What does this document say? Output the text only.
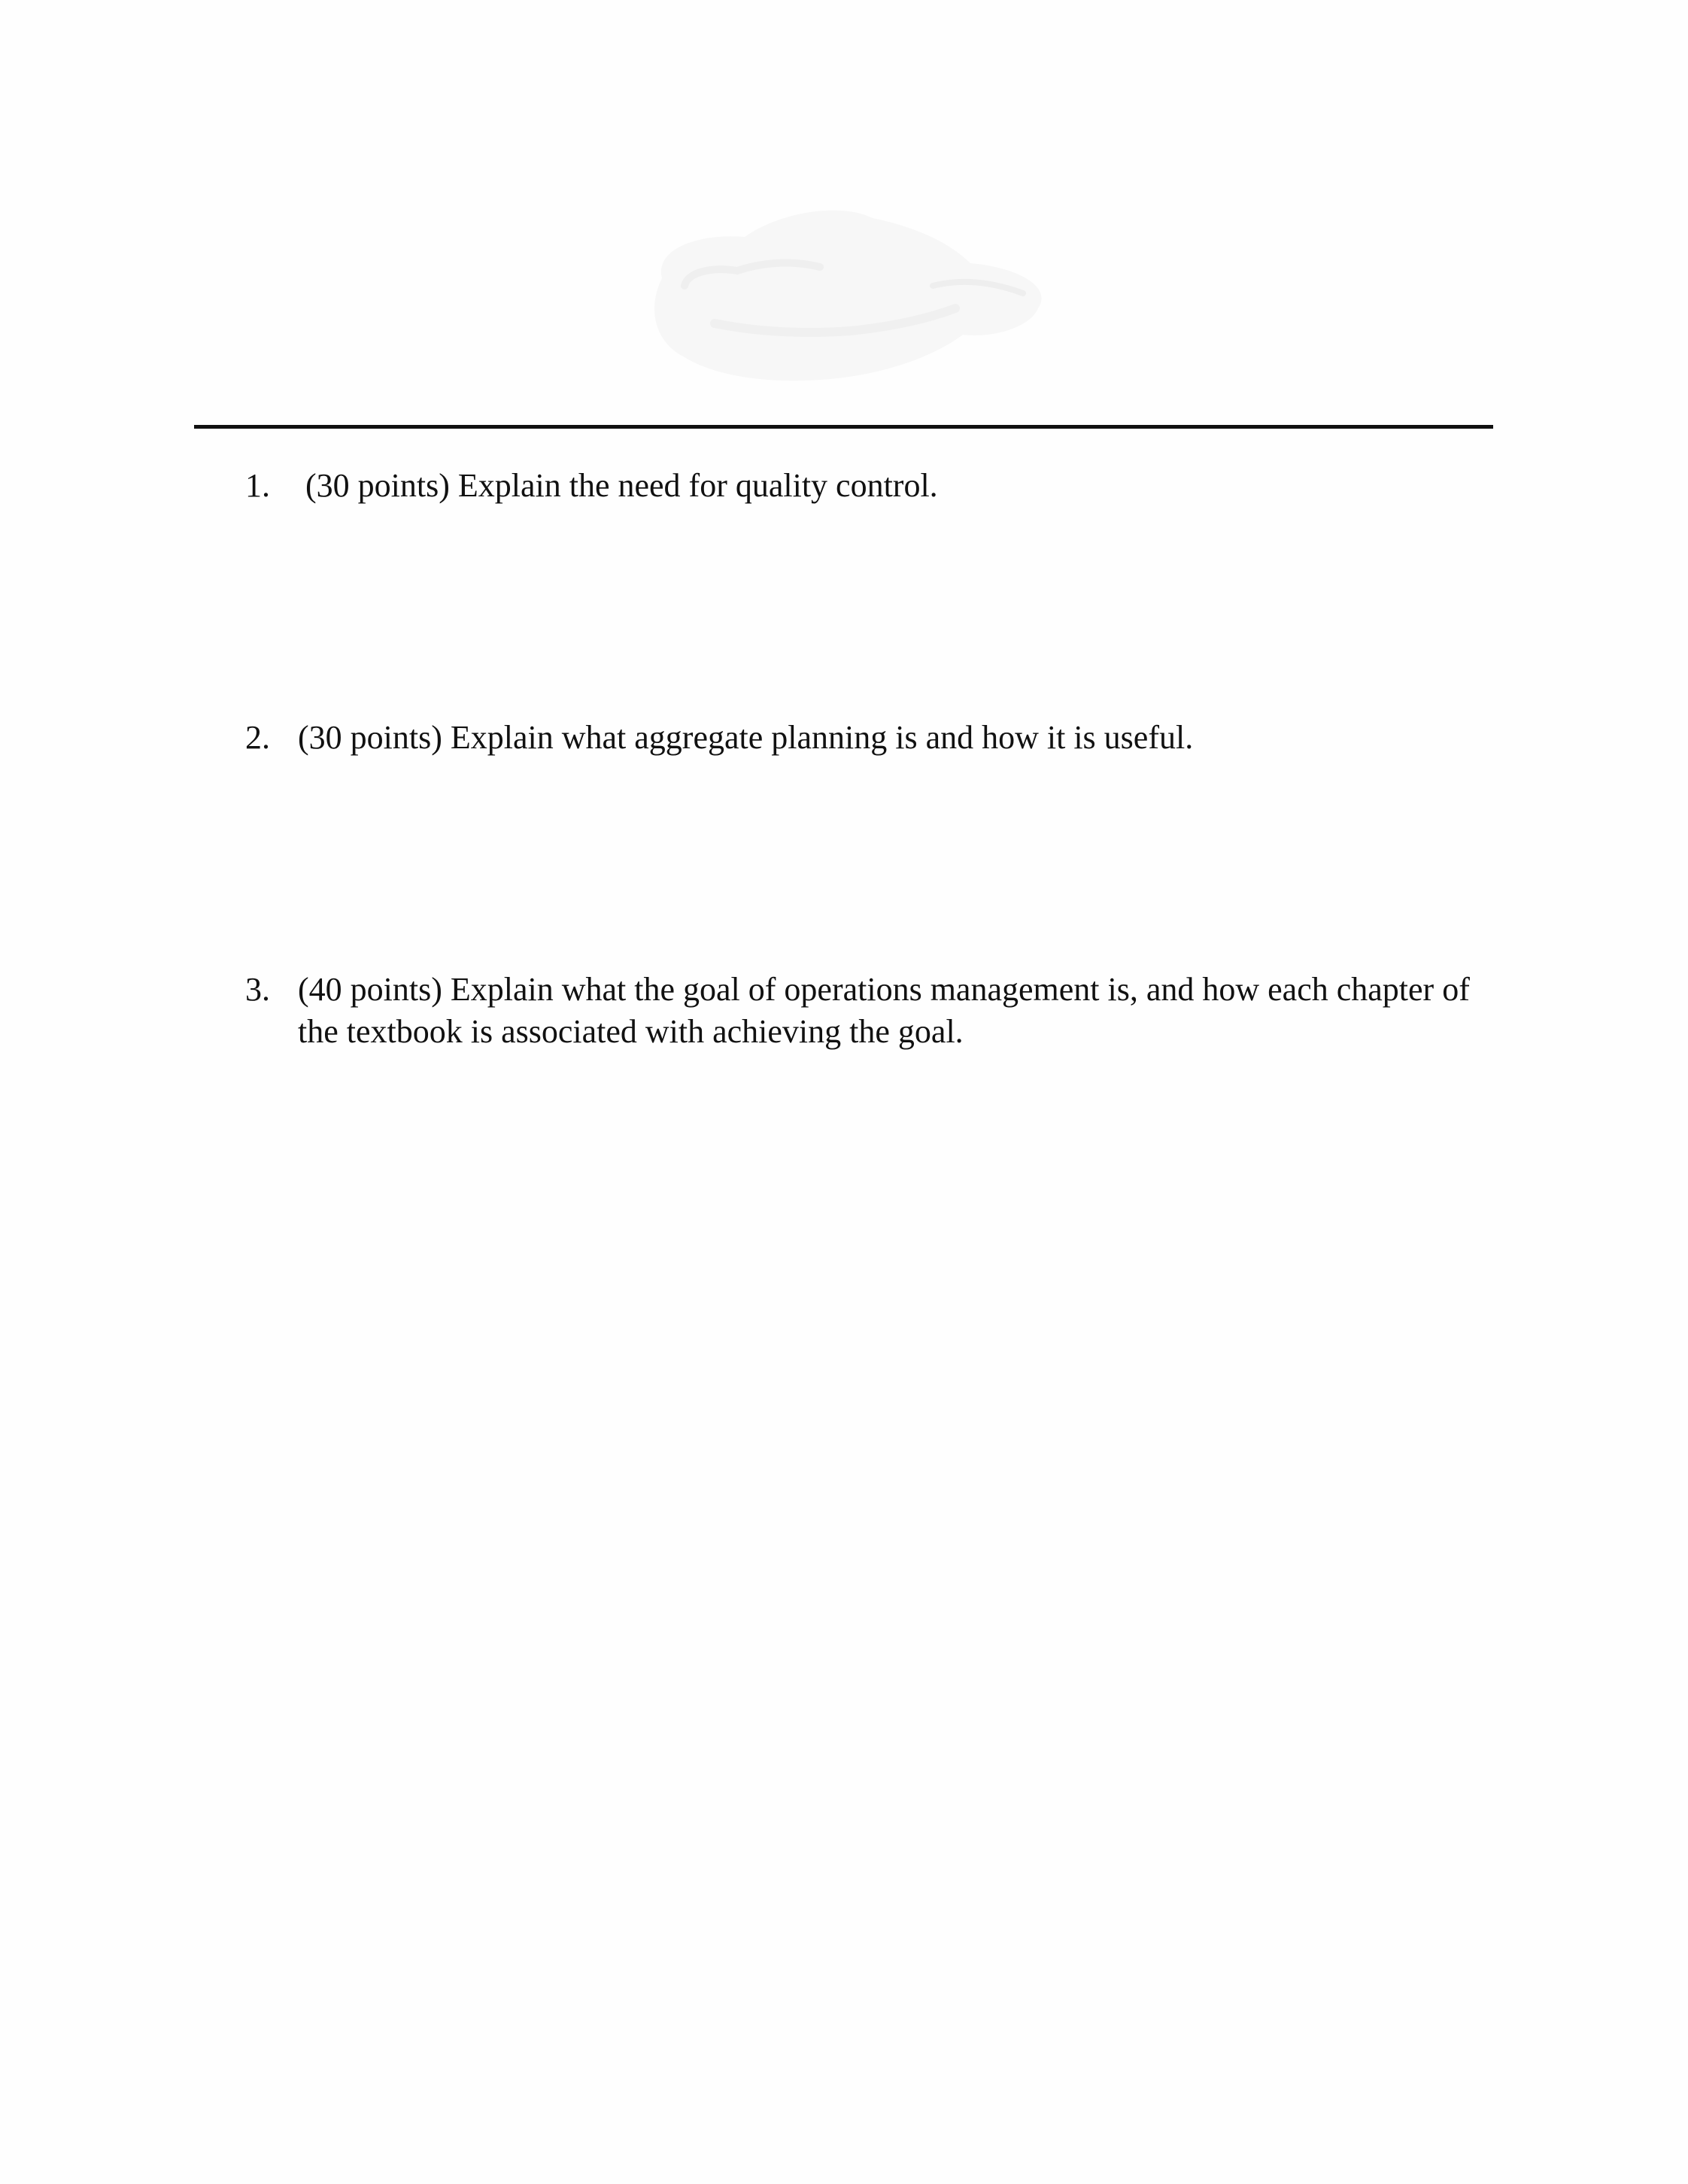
1.	(30 points) Explain the need for quality control.
2. (30 points) Explain what aggregate planning is and how it is useful.
3. (40 points) Explain what the goal of operations management is, and how each chapter of
the textbook is associated with achieving the goal.
